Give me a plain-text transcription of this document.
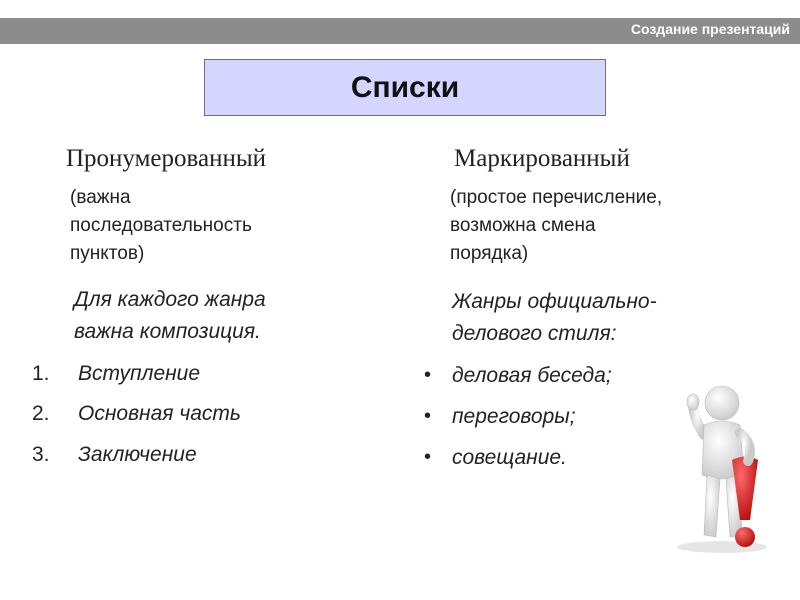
Создание презентаций
Списки
Пронумерованный
(важна
последовательность
пунктов)
Для каждого жанра
важна композиция.
1. Вступление
2. Основная часть
3. Заключение
Маркированный
(простое перечисление,
возможна смена
порядка)
Жанры официально-
делового стиля:
• деловая беседа;
• переговоры;
• совещание.
